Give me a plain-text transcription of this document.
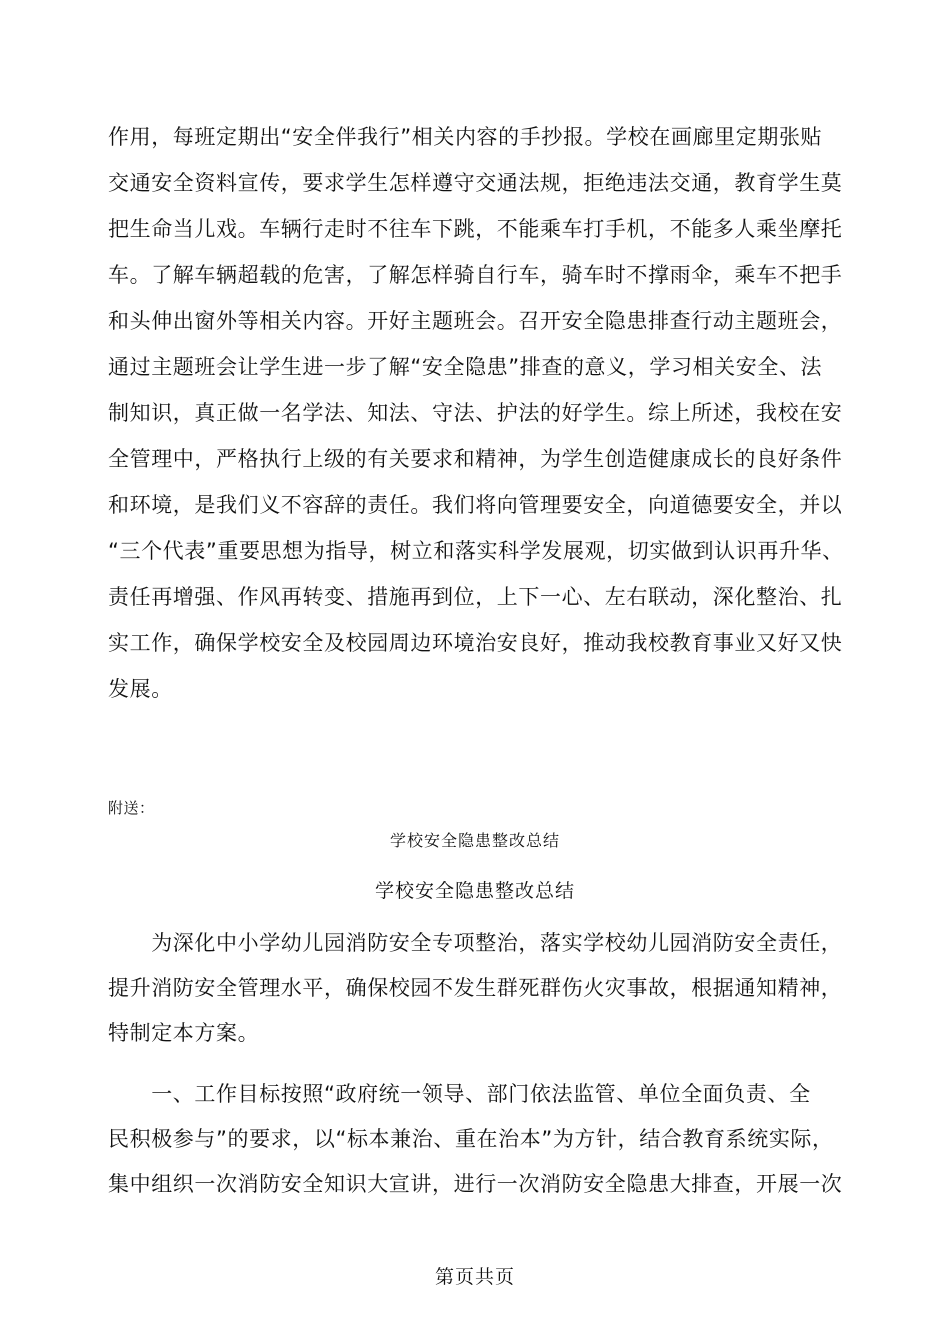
作用，每班定期出“安全伴我行”相关内容的手抄报。学校在画廊里定期张贴
交通安全资料宣传，要求学生怎样遵守交通法规，拒绝违法交通，教育学生莫
把生命当儿戏。车辆行走时不往车下跳，不能乘车打手机，不能多人乘坐摩托
车。了解车辆超载的危害，了解怎样骑自行车，骑车时不撑雨伞，乘车不把手
和头伸出窗外等相关内容。开好主题班会。召开安全隐患排查行动主题班会，
通过主题班会让学生进一步了解“安全隐患”排查的意义，学习相关安全、法
制知识，真正做一名学法、知法、守法、护法的好学生。综上所述，我校在安
全管理中，严格执行上级的有关要求和精神，为学生创造健康成长的良好条件
和环境，是我们义不容辞的责任。我们将向管理要安全，向道德要安全，并以
“三个代表”重要思想为指导，树立和落实科学发展观，切实做到认识再升华、
责任再增强、作风再转变、措施再到位，上下一心、左右联动，深化整治、扎
实工作，确保学校安全及校园周边环境治安良好，推动我校教育事业又好又快
发展。
附送：
学校安全隐患整改总结
学校安全隐患整改总结
　　为深化中小学幼儿园消防安全专项整治，落实学校幼儿园消防安全责任，
提升消防安全管理水平，确保校园不发生群死群伤火灾事故，根据通知精神，
特制定本方案。
　　一、工作目标按照“政府统一领导、部门依法监管、单位全面负责、全
民积极参与”的要求，以“标本兼治、重在治本”为方针，结合教育系统实际，
集中组织一次消防安全知识大宣讲，进行一次消防安全隐患大排查，开展一次
第页共页
